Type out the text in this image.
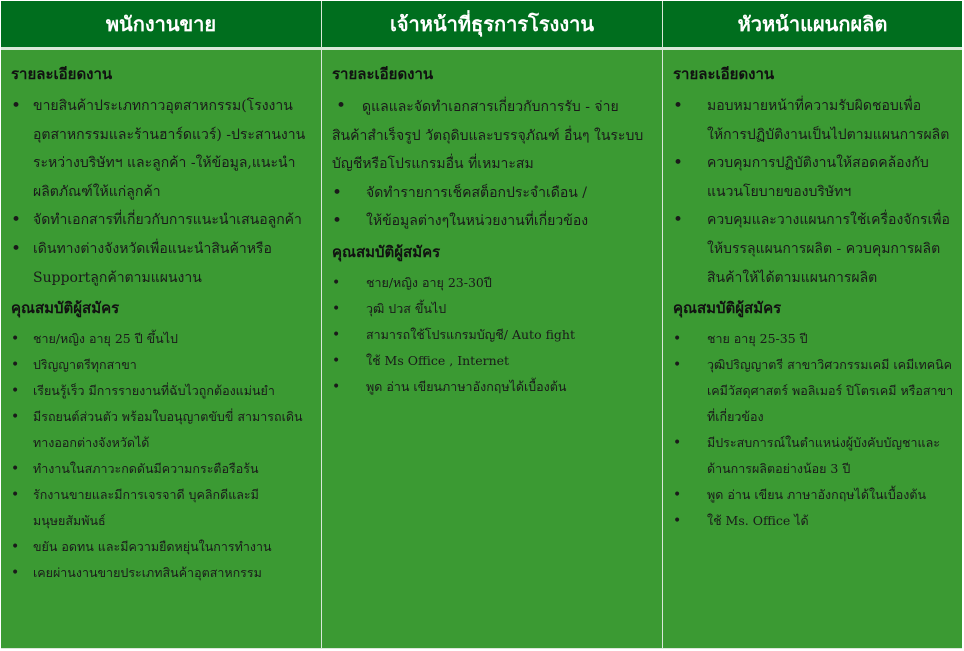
พนักงานขาย	เจ้าหน้าที่ธุรการโรงงาน	หัวหน้าแผนกผลิต
รายละเอียดงาน
• ขายสินค้าประเภทกาวอุตสาหกรรม(โรงงานอุตสาหกรรมและร้านฮาร์ดแวร์) -ประสานงานระหว่างบริษัทฯ และลูกค้า -ให้ข้อมูล,แนะนำผลิตภัณฑ์ให้แก่ลูกค้า
• จัดทำเอกสารที่เกี่ยวกับการแนะนำเสนอลูกค้า
• เดินทางต่างจังหวัดเพื่อแนะนำสินค้าหรือ Supportลูกค้าตามแผนงาน
คุณสมบัติผู้สมัคร
• ชาย/หญิง อายุ 25 ปี ขึ้นไป
• ปริญญาตรีทุกสาขา
• เรียนรู้เร็ว มีการรายงานที่ฉับไวถูกต้องแม่นยำ
• มีรถยนต์ส่วนตัว พร้อมใบอนุญาตขับขี่ สามารถเดินทางออกต่างจังหวัดได้
• ทำงานในสภาวะกดดันมีความกระตือรือร้น
• รักงานขายและมีการเจรจาดี บุคลิกดีและมีมนุษยสัมพันธ์
• ขยัน อดทน และมีความยืดหยุ่นในการทำงาน
• เคยผ่านงานขายประเภทสินค้าอุตสาหกรรม
รายละเอียดงาน
• ดูแลและจัดทำเอกสารเกี่ยวกับการรับ - จ่าย สินค้าสำเร็จรูป วัตถุดิบและบรรจุภัณฑ์ อื่นๆ ในระบบบัญชีหรือโปรแกรมอื่น ที่เหมาะสม
• จัดทำรายการเช็คสต็อกประจำเดือน /
• ให้ข้อมูลต่างๆในหน่วยงานที่เกี่ยวข้อง
คุณสมบัติผู้สมัคร
• ชาย/หญิง อายุ 23-30ปี
• วุฒิ ปวส ขึ้นไป
• สามารถใช้โปรแกรมบัญชี/ Auto fight
• ใช้ Ms Office , Internet
• พูด อ่าน เขียนภาษาอังกฤษได้เบื้องต้น
รายละเอียดงาน
• มอบหมายหน้าที่ความรับผิดชอบเพื่อให้การปฏิบัติงานเป็นไปตามแผนการผลิต
• ควบคุมการปฏิบัติงานให้สอดคล้องกับแนวนโยบายของบริษัทฯ
• ควบคุมและวางแผนการใช้เครื่องจักรเพื่อให้บรรลุแผนการผลิต - ควบคุมการผลิตสินค้าให้ได้ตามแผนการผลิต
คุณสมบัติผู้สมัคร
• ชาย อายุ 25-35 ปี
• วุฒิปริญญาตรี สาขาวิศวกรรมเคมี เคมีเทคนิค เคมีวัสดุศาสตร์ พอลิเมอร์ ปิโตรเคมี หรือสาขาที่เกี่ยวข้อง
• มีประสบการณ์ในตำแหน่งผู้บังคับบัญชาและด้านการผลิตอย่างน้อย 3 ปี
• พูด อ่าน เขียน ภาษาอังกฤษได้ในเบื้องต้น
• ใช้ Ms. Office ได้
